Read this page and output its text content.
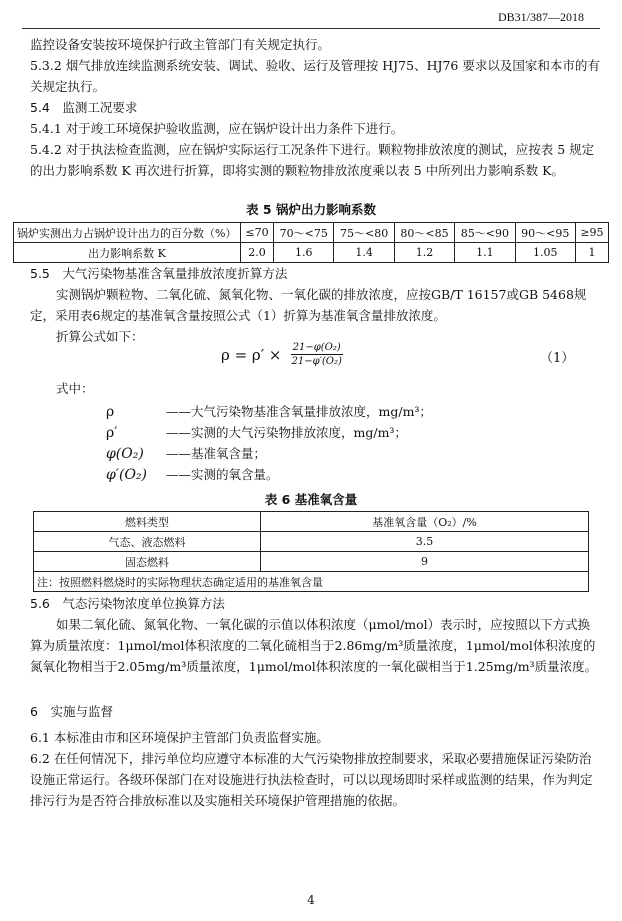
DB31/387—2018
监控设备安装按环境保护行政主管部门有关规定执行。
5.3.2 烟气排放连续监测系统安装、调试、验收、运行及管理按 HJ75、HJ76 要求以及国家和本市的有关规定执行。
5.4　监测工况要求
5.4.1 对于竣工环境保护验收监测，应在锅炉设计出力条件下进行。
5.4.2 对于执法检查监测，应在锅炉实际运行工况条件下进行。颗粒物排放浓度的测试，应按表 5 规定的出力影响系数 K 再次进行折算，即将实测的颗粒物排放浓度乘以表 5 中所列出力影响系数 K。
表 5 锅炉出力影响系数
锅炉实测出力占锅炉设计出力的百分数（%）	≤70	70～<75	75～<80	80～<85	85～<90	90～<95	≥95
出力影响系数 K	2.0	1.6	1.4	1.2	1.1	1.05	1
5.5　大气污染物基准含氧量排放浓度折算方法
实测锅炉颗粒物、二氧化硫、氮氧化物、一氧化碳的排放浓度，应按GB/T 16157或GB 5468规定，采用表6规定的基准氧含量按照公式（1）折算为基准氧含量排放浓度。
折算公式如下：
$\rho = \rho' \times \frac{\text{21−φ(O₂)}}{\text{21−φ′(O₂)}}$	（1）
式中：
ρ	——大气污染物基准含氧量排放浓度，mg/m³；
ρ′	——实测的大气污染物排放浓度，mg/m³；
φ(O₂) ——基准氧含量；
φ′(O₂) ——实测的氧含量。
表 6 基准氧含量
燃料类型	基准氧含量（O₂）/%
气态、液态燃料	3.5
固态燃料	9
注：按照燃料燃烧时的实际物理状态确定适用的基准氧含量	
5.6　气态污染物浓度单位换算方法
如果二氧化硫、氮氧化物、一氧化碳的示值以体积浓度（μmol/mol）表示时，应按照以下方式换算为质量浓度：1μmol/mol体积浓度的二氧化硫相当于2.86mg/m³质量浓度，1μmol/mol体积浓度的氮氧化物相当于2.05mg/m³质量浓度，1μmol/mol体积浓度的一氧化碳相当于1.25mg/m³质量浓度。
6　实施与监督
6.1 本标准由市和区环境保护主管部门负责监督实施。
6.2 在任何情况下，排污单位均应遵守本标准的大气污染物排放控制要求，采取必要措施保证污染防治设施正常运行。各级环保部门在对设施进行执法检查时，可以以现场即时采样或监测的结果，作为判定排污行为是否符合排放标准以及实施相关环境保护管理措施的依据。
4
